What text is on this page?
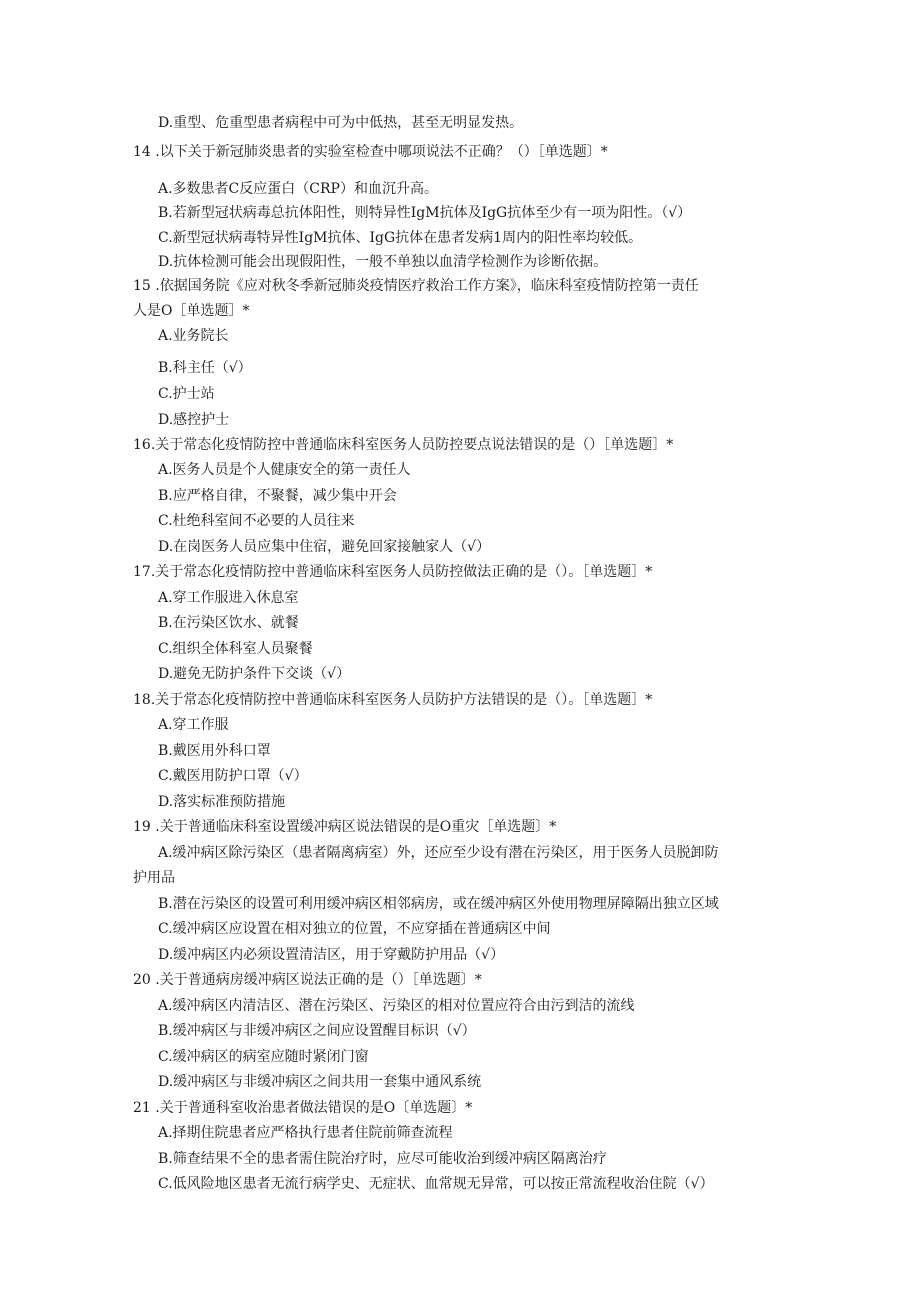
D.重型、危重型患者病程中可为中低热，甚至无明显发热。
14 .以下关于新冠肺炎患者的实验室检查中哪项说法不正确？（）［单选题〕*
A.多数患者C反应蛋白（CRP）和血沉升高。
B.若新型冠状病毒总抗体阳性，则特异性IgM抗体及IgG抗体至少有一项为阳性。（√）
C.新型冠状病毒特异性IgM抗体、IgG抗体在患者发病1周内的阳性率均较低。
D.抗体检测可能会出现假阳性，一般不单独以血清学检测作为诊断依据。
15 .依据国务院《应对秋冬季新冠肺炎疫情医疗救治工作方案》，临床科室疫情防控第一责任
人是O［单选题］*
A.业务院长
B.科主任（√）
C.护士站
D.感控护士
16.关于常态化疫情防控中普通临床科室医务人员防控要点说法错误的是（）［单选题］*
A.医务人员是个人健康安全的第一责任人
B.应严格自律，不聚餐，减少集中开会
C.杜绝科室间不必要的人员往来
D.在岗医务人员应集中住宿，避免回家接触家人（√）
17.关于常态化疫情防控中普通临床科室医务人员防控做法正确的是（）。［单选题］*
A.穿工作服进入休息室
B.在污染区饮水、就餐
C.组织全体科室人员聚餐
D.避免无防护条件下交谈（√）
18.关于常态化疫情防控中普通临床科室医务人员防护方法错误的是（）。［单选题］*
A.穿工作服
B.戴医用外科口罩
C.戴医用防护口罩（√）
D.落实标准预防措施
19 .关于普通临床科室设置缓冲病区说法错误的是O重灾［单选题〕*
A.缓冲病区除污染区（患者隔离病室）外，还应至少设有潜在污染区，用于医务人员脱卸防
护用品
B.潜在污染区的设置可利用缓冲病区相邻病房，或在缓冲病区外使用物理屏障隔出独立区域
C.缓冲病区应设置在相对独立的位置，不应穿插在普通病区中间
D.缓冲病区内必须设置清洁区，用于穿戴防护用品（√）
20 .关于普通病房缓冲病区说法正确的是（）［单选题〕*
A.缓冲病区内清洁区、潜在污染区、污染区的相对位置应符合由污到洁的流线
B.缓冲病区与非缓冲病区之间应设置醒目标识（√）
C.缓冲病区的病室应随时紧闭门窗
D.缓冲病区与非缓冲病区之间共用一套集中通风系统
21 .关于普通科室收治患者做法错误的是O〔单选题〕*
A.择期住院患者应严格执行患者住院前筛查流程
B.筛查结果不全的患者需住院治疗时，应尽可能收治到缓冲病区隔离治疗
C.低风险地区患者无流行病学史、无症状、血常规无异常，可以按正常流程收治住院（√）
